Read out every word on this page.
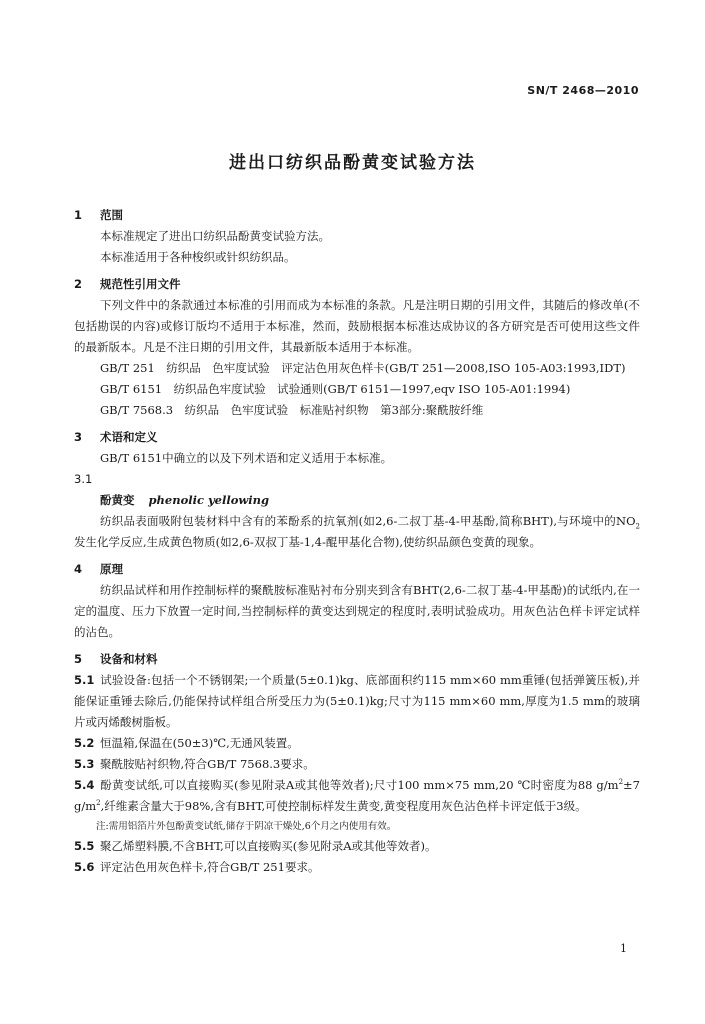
SN/T 2468—2010
进出口纺织品酚黄变试验方法

1 范围

本标准规定了进出口纺织品酚黄变试验方法。

本标准适用于各种梭织或针织纺织品。

2 规范性引用文件

下列文件中的条款通过本标准的引用而成为本标准的条款。凡是注明日期的引用文件，其随后的修改单(不包括勘误的内容)或修订版均不适用于本标准，然而，鼓励根据本标准达成协议的各方研究是否可使用这些文件的最新版本。凡是不注日期的引用文件，其最新版本适用于本标准。

GB/T 251　纺织品　色牢度试验　评定沾色用灰色样卡(GB/T 251—2008,ISO 105-A03:1993,IDT)

GB/T 6151　纺织品色牢度试验　试验通则(GB/T 6151—1997,eqv ISO 105-A01:1994)

GB/T 7568.3　纺织品　色牢度试验　标准贴衬织物　第3部分:聚酰胺纤维

3 术语和定义

GB/T 6151中确立的以及下列术语和定义适用于本标准。

3.1

酚黄变 phenolic yellowing

纺织品表面吸附包装材料中含有的苯酚系的抗氧剂(如2,6-二叔丁基-4-甲基酚,简称BHT),与环境中的$NO_2$发生化学反应,生成黄色物质(如2,6-双叔丁基-1,4-醌甲基化合物),使纺织品颜色变黄的现象。

4 原理

纺织品试样和用作控制标样的聚酰胺标准贴衬布分别夹到含有BHT(2,6-二叔丁基-4-甲基酚)的试纸内,在一定的温度、压力下放置一定时间,当控制标样的黄变达到规定的程度时,表明试验成功。用灰色沾色样卡评定试样的沾色。

5 设备和材料

5.1 试验设备:包括一个不锈钢架;一个质量(5±0.1)kg、底部面积约115 mm×60 mm重锤(包括弹簧压板),并能保证重锤去除后,仍能保持试样组合所受压力为(5±0.1)kg;尺寸为115 mm×60 mm,厚度为1.5 mm的玻璃片或丙烯酸树脂板。

5.2 恒温箱,保温在(50±3)℃,无通风装置。

5.3 聚酰胺贴衬织物,符合GB/T 7568.3要求。

5.4 酚黄变试纸,可以直接购买(参见附录A或其他等效者);尺寸100 mm×75 mm,20 ℃时密度为88 $g/m^2\pm 7$ $g/m^2$,纤维素含量大于98%,含有BHT,可使控制标样发生黄变,黄变程度用灰色沾色样卡评定低于3级。

注:需用铝箔片外包酚黄变试纸,储存于阴凉干燥处,6个月之内使用有效。

5.5 聚乙烯塑料膜,不含BHT,可以直接购买(参见附录A或其他等效者)。

5.6 评定沾色用灰色样卡,符合GB/T 251要求。

1
